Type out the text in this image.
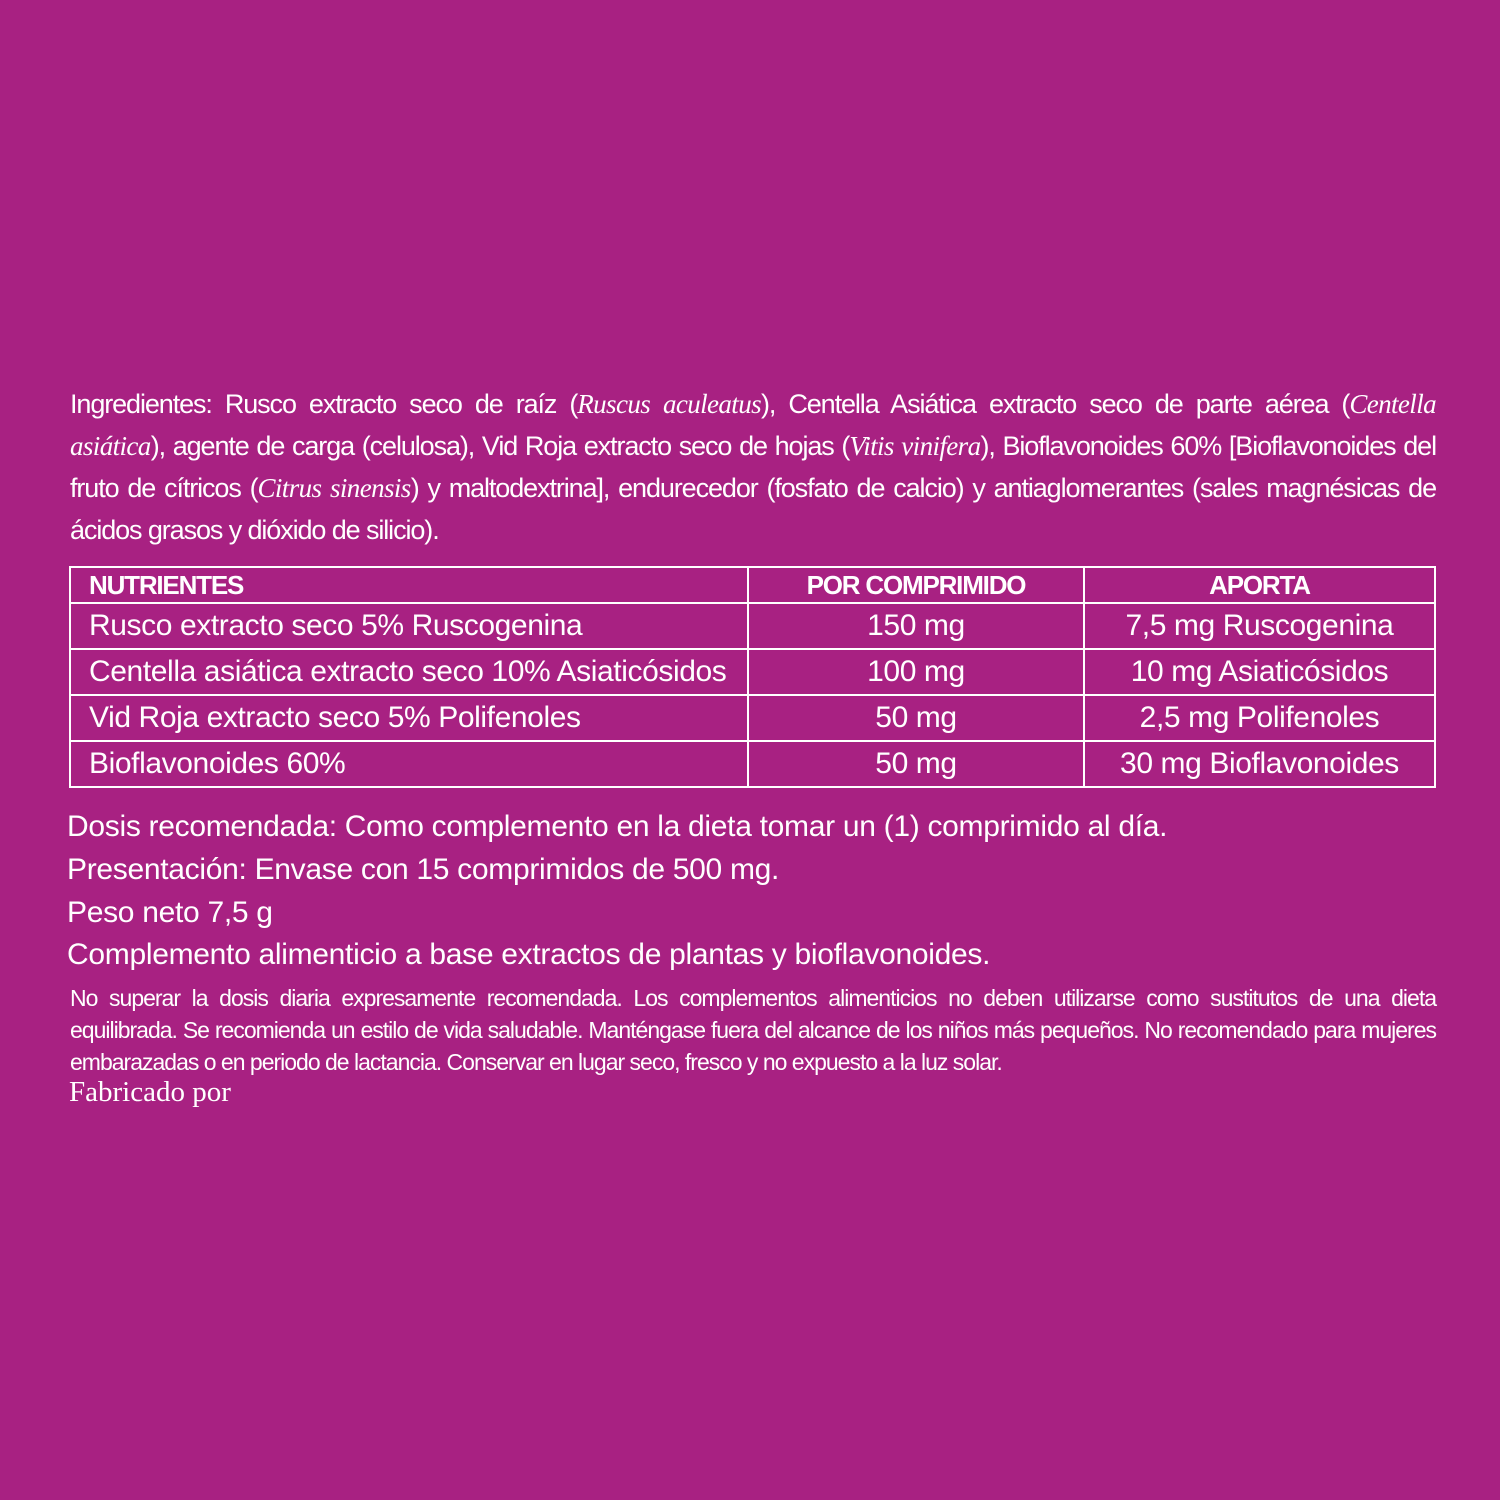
Ingredientes: Rusco extracto seco de raíz (Ruscus aculeatus), Centella Asiática extracto seco de parte aérea (Centella asiática), agente de carga (celulosa), Vid Roja extracto seco de hojas (Vitis vinifera), Bioflavonoides 60% [Bioflavonoides del fruto de cítricos (Citrus sinensis) y maltodextrina], endurecedor (fosfato de calcio) y antiaglomerantes (sales magnésicas de ácidos grasos y dióxido de silicio).
NUTRIENTES	POR COMPRIMIDO	APORTA
Rusco extracto seco 5% Ruscogenina	150 mg	7,5 mg Ruscogenina
Centella asiática extracto seco 10% Asiaticósidos	100 mg	10 mg Asiaticósidos
Vid Roja extracto seco 5% Polifenoles	50 mg	2,5 mg Polifenoles
Bioflavonoides 60%	50 mg	30 mg Bioflavonoides
Dosis recomendada: Como complemento en la dieta tomar un (1) comprimido al día.
Presentación: Envase con 15 comprimidos de 500 mg.
Peso neto 7,5 g
Complemento alimenticio a base extractos de plantas y bioflavonoides.
No superar la dosis diaria expresamente recomendada. Los complementos alimenticios no deben utilizarse como sustitutos de una dieta equilibrada. Se recomienda un estilo de vida saludable. Manténgase fuera del alcance de los niños más pequeños. No recomendado para mujeres embarazadas o en periodo de lactancia. Conservar en lugar seco, fresco y no expuesto a la luz solar.
Fabricado por
